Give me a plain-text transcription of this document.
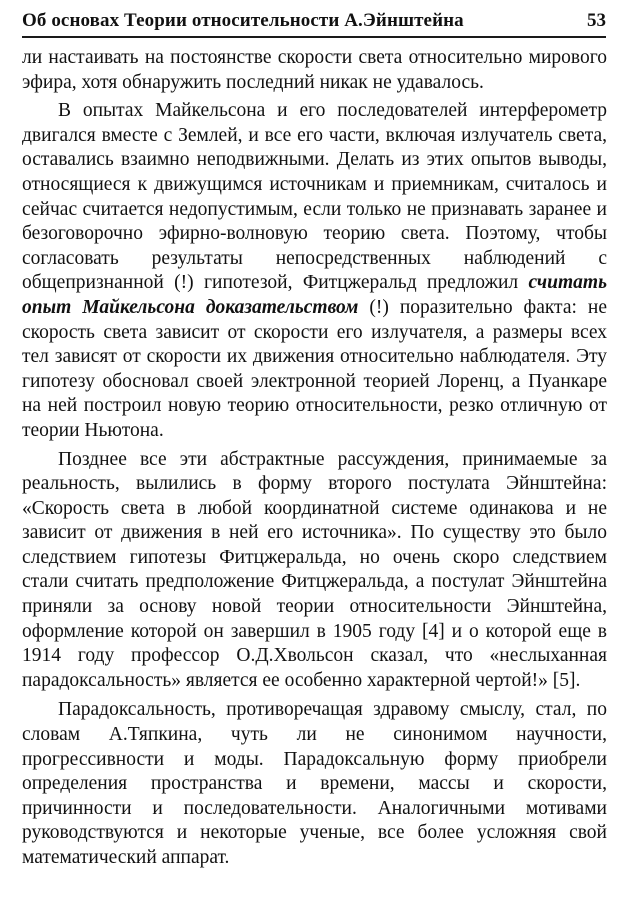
Об основах Теории относительности А.Эйнштейна	53

ли настаивать на постоянстве скорости света относительно мирового эфира, хотя обнаружить последний никак не удавалось.

В опытах Майкельсона и его последователей интерферометр двигался вместе с Землей, и все его части, включая излучатель света, оставались взаимно неподвижными. Делать из этих опытов выводы, относящиеся к движущимся источникам и приемникам, считалось и сейчас считается недопустимым, если только не признавать заранее и безоговорочно эфирно-волновую теорию света. Поэтому, чтобы согласовать результаты непосредственных наблюдений с общепризнанной (!) гипотезой, Фитцжеральд предложил считать опыт Майкельсона доказательством (!) поразительно факта: не скорость света зависит от скорости его излучателя, а размеры всех тел зависят от скорости их движения относительно наблюдателя. Эту гипотезу обосновал своей электронной теорией Лоренц, а Пуанкаре на ней построил новую теорию относительности, резко отличную от теории Ньютона.

Позднее все эти абстрактные рассуждения, принимаемые за реальность, вылились в форму второго постулата Эйнштейна: «Скорость света в любой координатной системе одинакова и не зависит от движения в ней его источника». По существу это было следствием гипотезы Фитцжеральда, но очень скоро следствием стали считать предположение Фитцжеральда, а постулат Эйнштейна приняли за основу новой теории относительности Эйнштейна, оформление которой он завершил в 1905 году [4] и о которой еще в 1914 году профессор О.Д.Хвольсон сказал, что «неслыханная парадоксальность» является ее особенно характерной чертой!» [5].

Парадоксальность, противоречащая здравому смыслу, стал, по словам А.Тяпкина, чуть ли не синонимом научности, прогрессивности и моды. Парадоксальную форму приобрели определения пространства и времени, массы и скорости, причинности и последовательности. Аналогичными мотивами руководствуются и некоторые ученые, все более усложняя свой математический аппарат.
